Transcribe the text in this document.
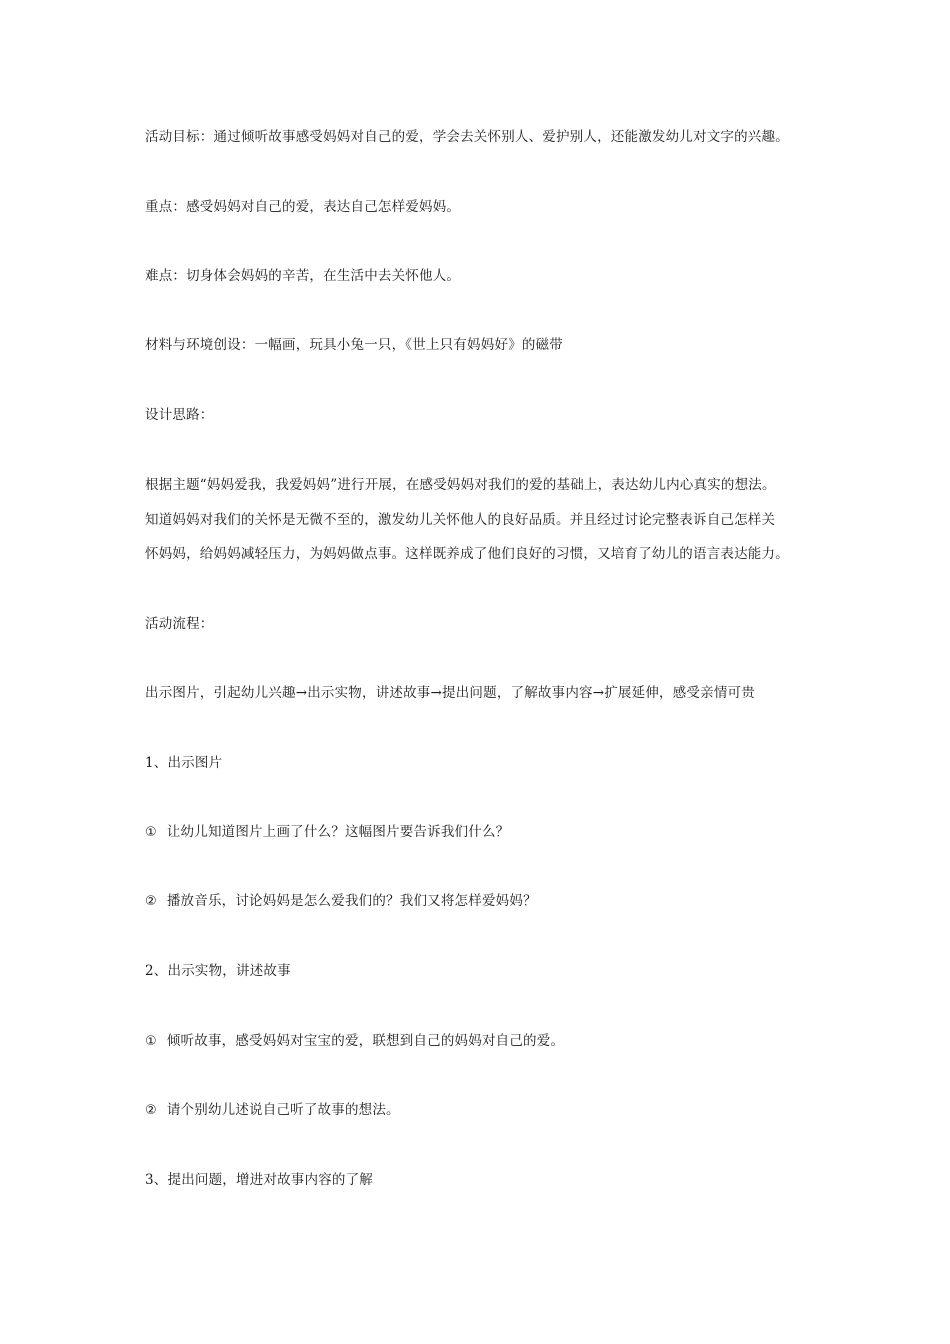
活动目标：通过倾听故事感受妈妈对自己的爱，学会去关怀别人、爱护别人，还能激发幼儿对文字的兴趣。
重点：感受妈妈对自己的爱，表达自己怎样爱妈妈。
难点：切身体会妈妈的辛苦，在生活中去关怀他人。
材料与环境创设：一幅画，玩具小兔一只，《世上只有妈妈好》的磁带
设计思路：
根据主题“妈妈爱我，我爱妈妈”进行开展，在感受妈妈对我们的爱的基础上，表达幼儿内心真实的想法。
知道妈妈对我们的关怀是无微不至的，激发幼儿关怀他人的良好品质。并且经过讨论完整表诉自己怎样关
怀妈妈，给妈妈减轻压力，为妈妈做点事。这样既养成了他们良好的习惯，又培育了幼儿的语言表达能力。
活动流程：
出示图片，引起幼儿兴趣→出示实物，讲述故事→提出问题，了解故事内容→扩展延伸，感受亲情可贵
1、出示图片
① 让幼儿知道图片上画了什么？这幅图片要告诉我们什么？
② 播放音乐，讨论妈妈是怎么爱我们的？我们又将怎样爱妈妈？
2、出示实物，讲述故事
① 倾听故事，感受妈妈对宝宝的爱，联想到自己的妈妈对自己的爱。
② 请个别幼儿述说自己听了故事的想法。
3、提出问题，增进对故事内容的了解
